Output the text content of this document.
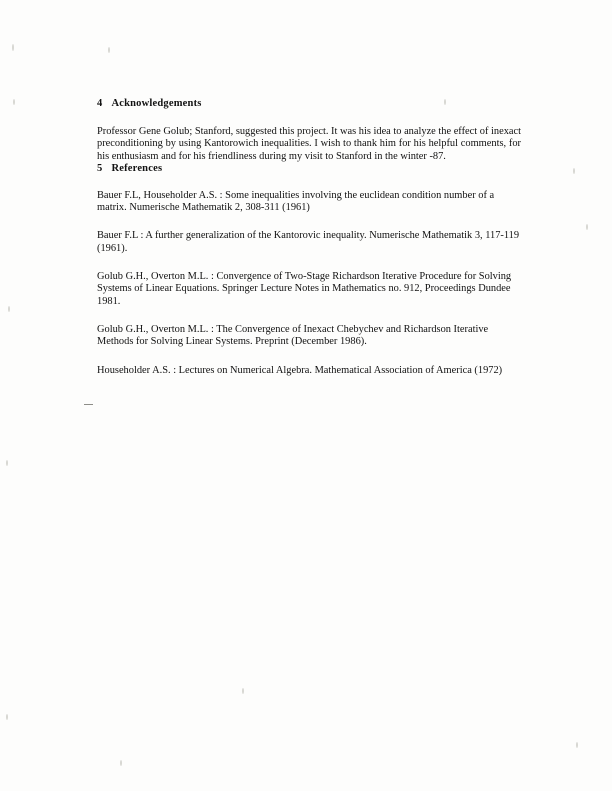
4 Acknowledgements

Professor Gene Golub; Stanford, suggested this project. It was his idea to analyze the effect of inexact preconditioning by using Kantorowich inequalities. I wish to thank him for his helpful comments, for his enthusiasm and for his friendliness during my visit to Stanford in the winter -87.

5 References

Bauer F.L, Householder A.S. : Some inequalities involving the euclidean condition number of a matrix. Numerische Mathematik 2, 308-311 (1961)

Bauer F.L : A further generalization of the Kantorovic inequality. Numerische Mathematik 3, 117-119 (1961).

Golub G.H., Overton M.L. : Convergence of Two-Stage Richardson Iterative Procedure for Solving Systems of Linear Equations. Springer Lecture Notes in Mathematics no. 912, Proceedings Dundee 1981.

Golub G.H., Overton M.L. : The Convergence of Inexact Chebychev and Richardson Iterative Methods for Solving Linear Systems. Preprint (December 1986).

Householder A.S. : Lectures on Numerical Algebra. Mathematical Association of America (1972)
